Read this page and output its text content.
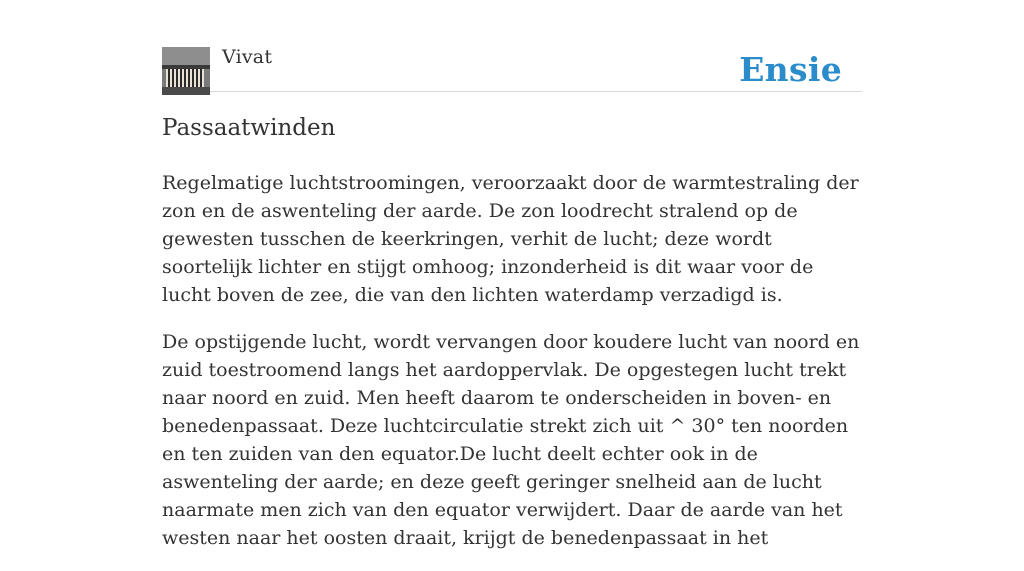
Vivat	Ensie
Passaatwinden

Regelmatige luchtstroomingen, veroorzaakt door de warmtestraling der zon en de aswenteling der aarde. De zon loodrecht stralend op de gewesten tusschen de keerkringen, verhit de lucht; deze wordt soortelijk lichter en stijgt omhoog; inzonderheid is dit waar voor de lucht boven de zee, die van den lichten waterdamp verzadigd is.

De opstijgende lucht, wordt vervangen door koudere lucht van noord en zuid toestroomend langs het aardoppervlak. De opgestegen lucht trekt naar noord en zuid. Men heeft daarom te onderscheiden in boven- en benedenpassaat. Deze luchtcirculatie strekt zich uit ^ 30° ten noorden en ten zuiden van den equator.De lucht deelt echter ook in de aswenteling der aarde; en deze geeft geringer snelheid aan de lucht naarmate men zich van den equator verwijdert. Daar de aarde van het westen naar het oosten draait, krijgt de benedenpassaat in het
